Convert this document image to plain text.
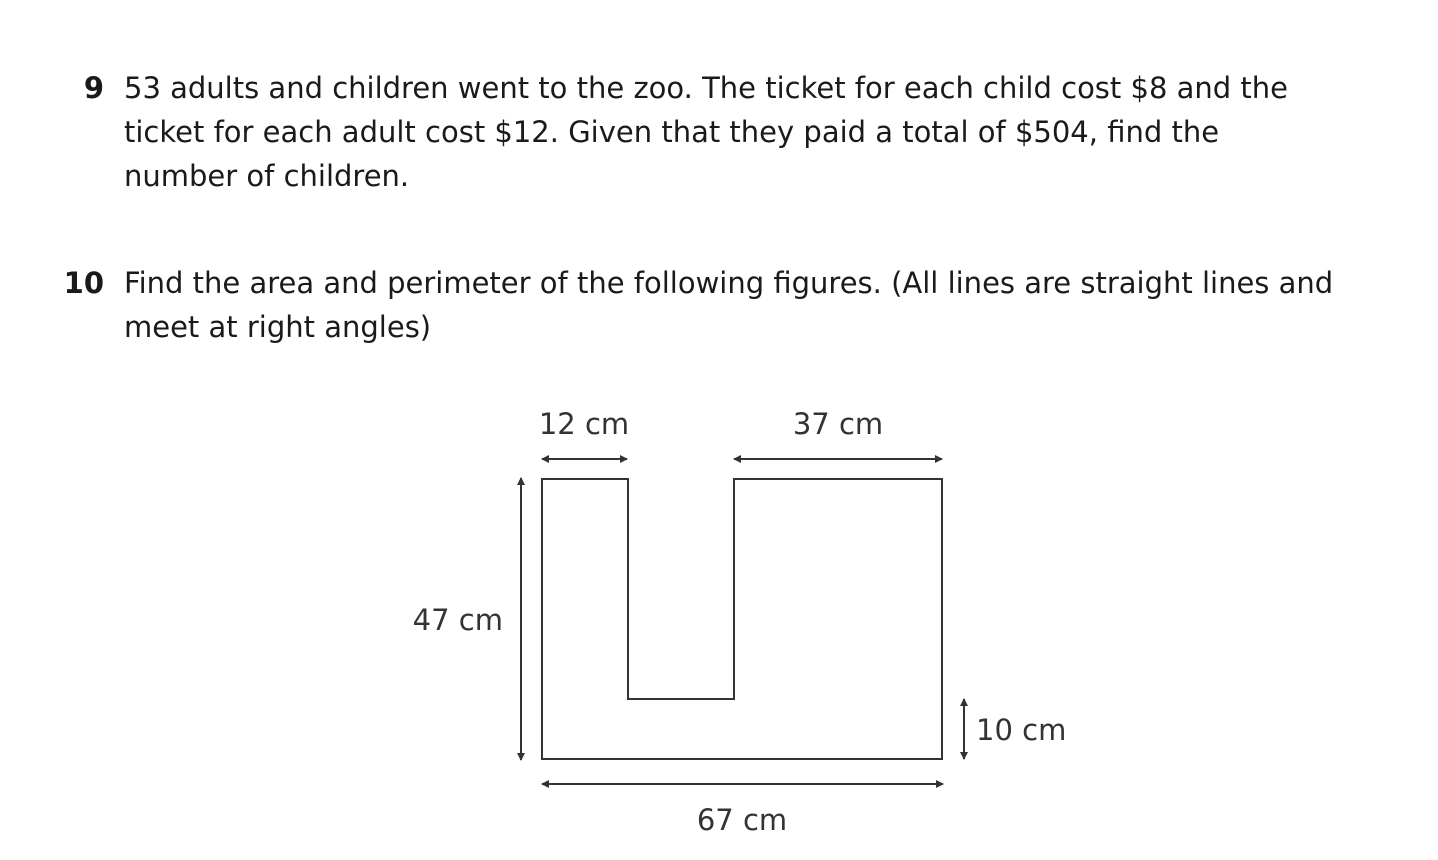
9 53 adults and children went to the zoo. The ticket for each child cost $8 and the
ticket for each adult cost $12. Given that they paid a total of $504, find the
number of children.

10 Find the area and perimeter of the following figures. (All lines are straight lines and
meet at right angles)

12 cm	37 cm
47 cm
10 cm
67 cm
